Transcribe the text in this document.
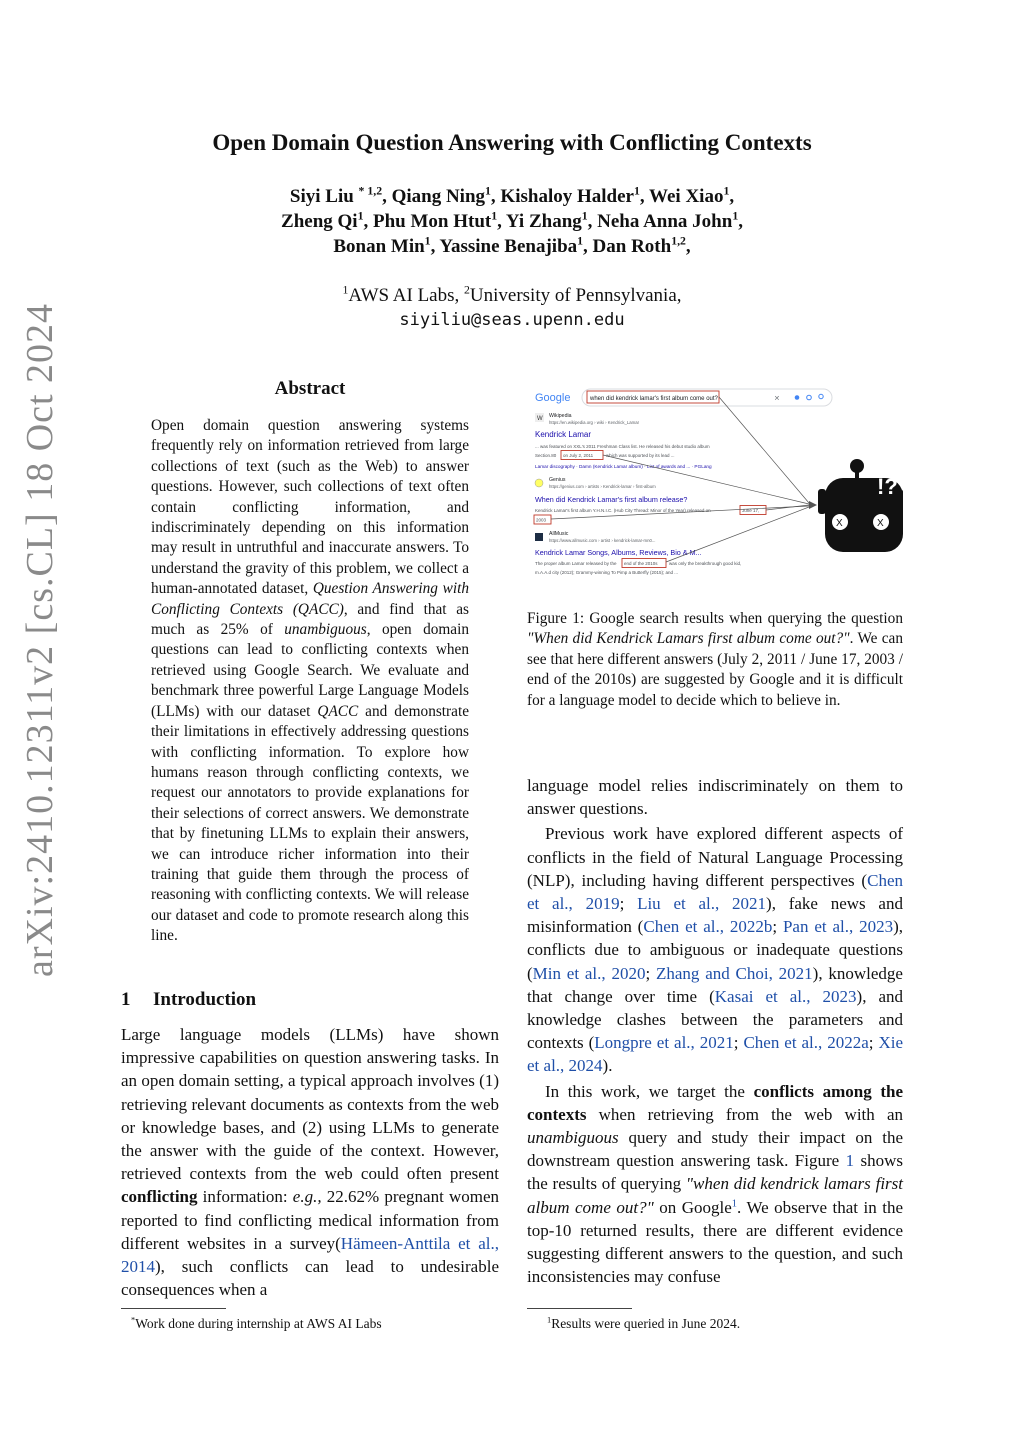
arXiv:2410.12311v2 [cs.CL] 18 Oct 2024
Open Domain Question Answering with Conflicting Contexts
Siyi Liu $^{* 1,2}$, Qiang Ning$^1$, Kishaloy Halder$^1$, Wei Xiao$^1$,
Zheng Qi$^1$, Phu Mon Htut$^1$, Yi Zhang$^1$, Neha Anna John$^1$,
Bonan Min$^1$, Yassine Benajiba$^1$, Dan Roth$^{1,2}$,
$^1$AWS AI Labs, $^2$University of Pennsylvania,
siyiliu@seas.upenn.edu
Abstract
Open domain question answering systems frequently rely on information retrieved from large collections of text (such as the Web) to answer questions. However, such collections of text often contain conflicting information, and indiscriminately depending on this information may result in untruthful and inaccurate answers. To understand the gravity of this problem, we collect a human-annotated dataset, Question Answering with Conflicting Contexts (QACC), and find that as much as 25% of unambiguous, open domain questions can lead to conflicting contexts when retrieved using Google Search. We evaluate and benchmark three powerful Large Language Models (LLMs) with our dataset QACC and demonstrate their limitations in effectively addressing questions with conflicting information. To explore how humans reason through conflicting contexts, we request our annotators to provide explanations for their selections of correct answers. We demonstrate that by finetuning LLMs to explain their answers, we can introduce richer information into their training that guide them through the process of reasoning with conflicting contexts. We will release our dataset and code to promote research along this line.
1 Introduction
Large language models (LLMs) have shown impressive capabilities on question answering tasks. In an open domain setting, a typical approach involves (1) retrieving relevant documents as contexts from the web or knowledge bases, and (2) using LLMs to generate the answer with the guide of the context. However, retrieved contexts from the web could often present conflicting information: e.g., 22.62% pregnant women reported to find conflicting medical information from different websites in a survey(Hämeen-Anttila et al., 2014), such conflicts can lead to undesirable consequences when a
*Work done during internship at AWS AI Labs
Google	when did kendrick lamar's first album come out?	✕
W Wikipedia
https://en.wikipedia.org › wiki › Kendrick_Lamar
Kendrick Lamar
... was featured on XXL's 2011 Freshman Class list. He released his debut studio album
Section.80 on July 2, 2011	which was supported by its lead ...
Lamar discography · Damn (Kendrick Lamar album) · List of awards and ... · PGLang
Genius
https://genius.com › artists › Kendrick-lamar › first-album
When did Kendrick Lamar's first album release?
Kendrick Lamar's first album Y.H.N.I.C. (Hub City Thread: Minor of the Year) released on	June 17,
2003
AllMusic
https://www.allmusic.com › artist › kendrick-lamar-mn0...
Kendrick Lamar Songs, Albums, Reviews, Bio & M...
The proper album Lamar released by the end of the 2010s	was only the breakthrough good kid,
m.A.A.d city (2012); Grammy-winning To Pimp a Butterfly (2015); and ...
!?
X	X
Figure 1: Google search results when querying the question "When did Kendrick Lamars first album come out?". We can see that here different answers (July 2, 2011 / June 17, 2003 / end of the 2010s) are suggested by Google and it is difficult for a language model to decide which to believe in.

language model relies indiscriminately on them to answer questions.

Previous work have explored different aspects of conflicts in the field of Natural Language Processing (NLP), including having different perspectives (Chen et al., 2019; Liu et al., 2021), fake news and misinformation (Chen et al., 2022b; Pan et al., 2023), conflicts due to ambiguous or inadequate questions (Min et al., 2020; Zhang and Choi, 2021), knowledge that change over time (Kasai et al., 2023), and knowledge clashes between the parameters and contexts (Longpre et al., 2021; Chen et al., 2022a; Xie et al., 2024).

In this work, we target the conflicts among the contexts when retrieving from the web with an unambiguous query and study their impact on the downstream question answering task. Figure 1 shows the results of querying "when did kendrick lamars first album come out?" on Google$^1$. We observe that in the top-10 returned results, there are different evidence suggesting different answers to the question, and such inconsistencies may confuse

$^1$Results were queried in June 2024.
